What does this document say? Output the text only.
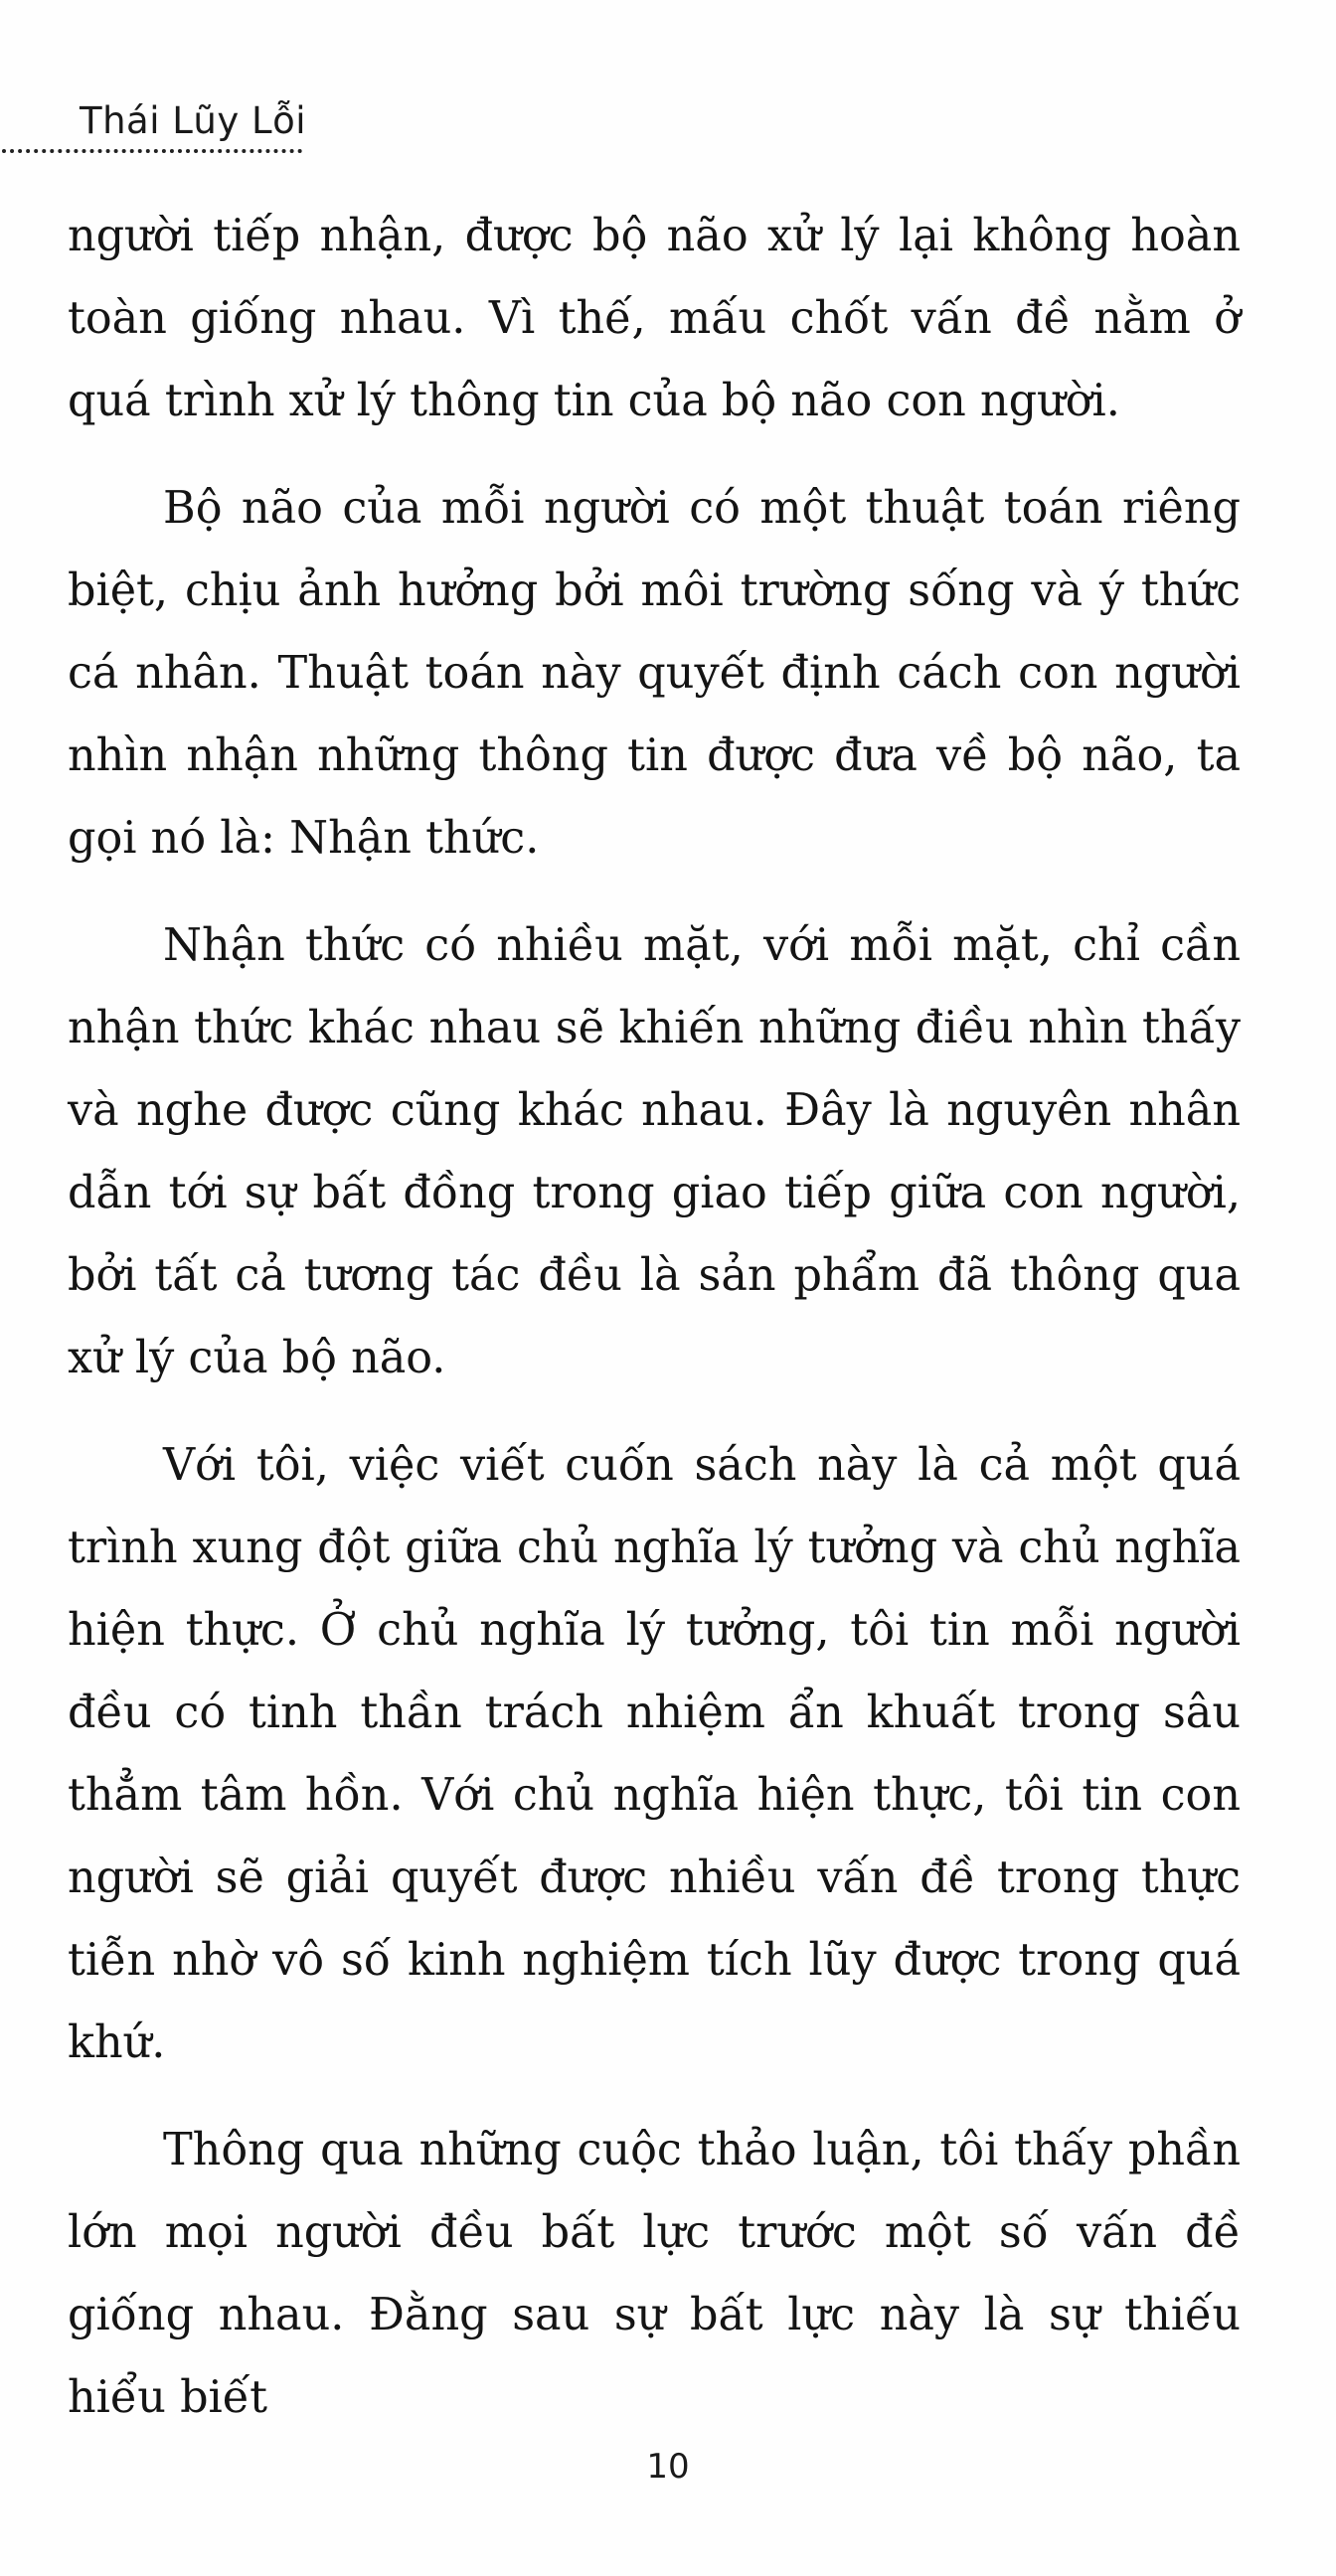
Thái Lũy Lỗi

người tiếp nhận, được bộ não xử lý lại không hoàn toàn giống nhau. Vì thế, mấu chốt vấn đề nằm ở quá trình xử lý thông tin của bộ não con người.

Bộ não của mỗi người có một thuật toán riêng biệt, chịu ảnh hưởng bởi môi trường sống và ý thức cá nhân. Thuật toán này quyết định cách con người nhìn nhận những thông tin được đưa về bộ não, ta gọi nó là: Nhận thức.

Nhận thức có nhiều mặt, với mỗi mặt, chỉ cần nhận thức khác nhau sẽ khiến những điều nhìn thấy và nghe được cũng khác nhau. Đây là nguyên nhân dẫn tới sự bất đồng trong giao tiếp giữa con người, bởi tất cả tương tác đều là sản phẩm đã thông qua xử lý của bộ não.

Với tôi, việc viết cuốn sách này là cả một quá trình xung đột giữa chủ nghĩa lý tưởng và chủ nghĩa hiện thực. Ở chủ nghĩa lý tưởng, tôi tin mỗi người đều có tinh thần trách nhiệm ẩn khuất trong sâu thẳm tâm hồn. Với chủ nghĩa hiện thực, tôi tin con người sẽ giải quyết được nhiều vấn đề trong thực tiễn nhờ vô số kinh nghiệm tích lũy được trong quá khứ.

Thông qua những cuộc thảo luận, tôi thấy phần lớn mọi người đều bất lực trước một số vấn đề giống nhau. Đằng sau sự bất lực này là sự thiếu hiểu biết

10
